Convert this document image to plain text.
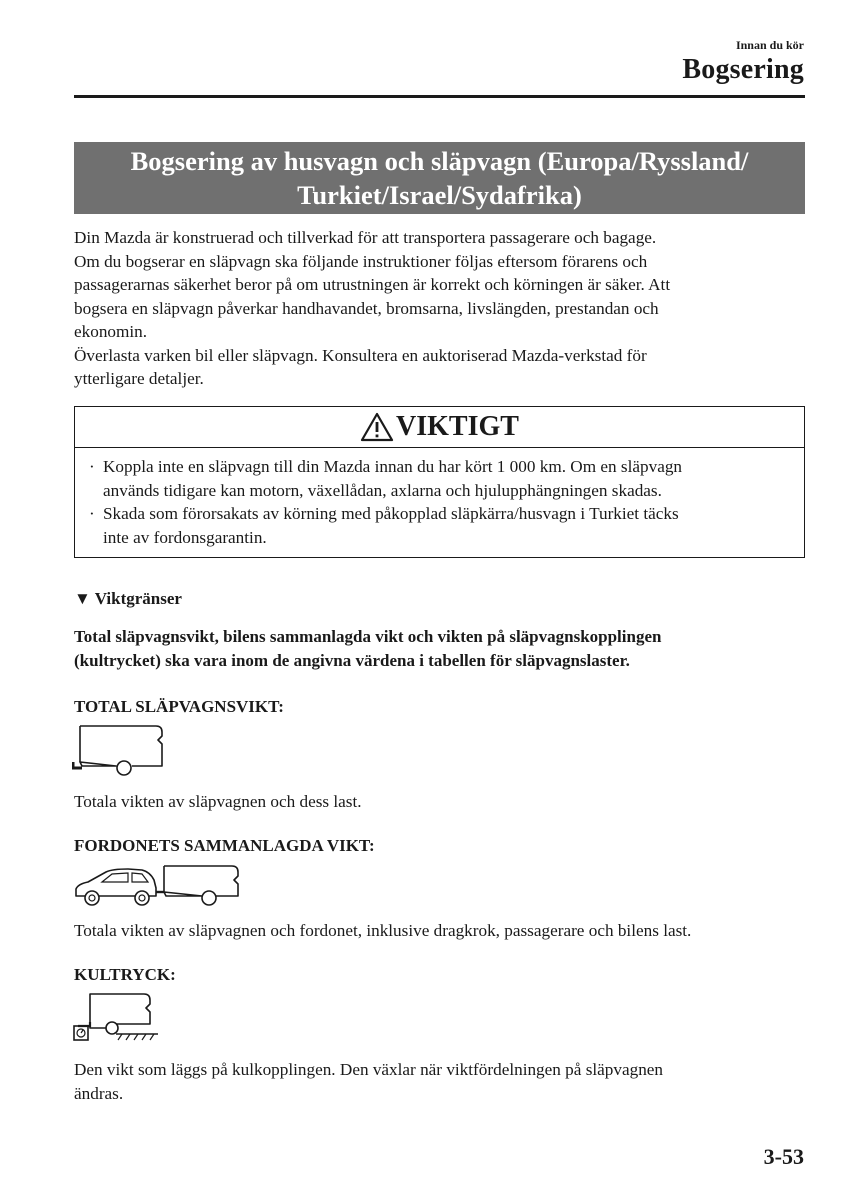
Innan du kör
Bogsering
Bogsering av husvagn och släpvagn (Europa/Ryssland/
Turkiet/Israel/Sydafrika)
Din Mazda är konstruerad och tillverkad för att transportera passagerare och bagage.
Om du bogserar en släpvagn ska följande instruktioner följas eftersom förarens och
passagerarnas säkerhet beror på om utrustningen är korrekt och körningen är säker. Att
bogsera en släpvagn påverkar handhavandet, bromsarna, livslängden, prestandan och
ekonomin.
Överlasta varken bil eller släpvagn. Konsultera en auktoriserad Mazda-verkstad för
ytterligare detaljer.
VIKTIGT
· Koppla inte en släpvagn till din Mazda innan du har kört 1 000 km. Om en släpvagn
används tidigare kan motorn, växellådan, axlarna och hjulupphängningen skadas.
· Skada som förorsakats av körning med påkopplad släpkärra/husvagn i Turkiet täcks
inte av fordonsgarantin.
▼ Viktgränser
Total släpvagnsvikt, bilens sammanlagda vikt och vikten på släpvagnskopplingen
(kultrycket) ska vara inom de angivna värdena i tabellen för släpvagnslaster.
TOTAL SLÄPVAGNSVIKT:
Totala vikten av släpvagnen och dess last.
FORDONETS SAMMANLAGDA VIKT:
Totala vikten av släpvagnen och fordonet, inklusive dragkrok, passagerare och bilens last.
KULTRYCK:
Den vikt som läggs på kulkopplingen. Den växlar när viktfördelningen på släpvagnen
ändras.
3-53
